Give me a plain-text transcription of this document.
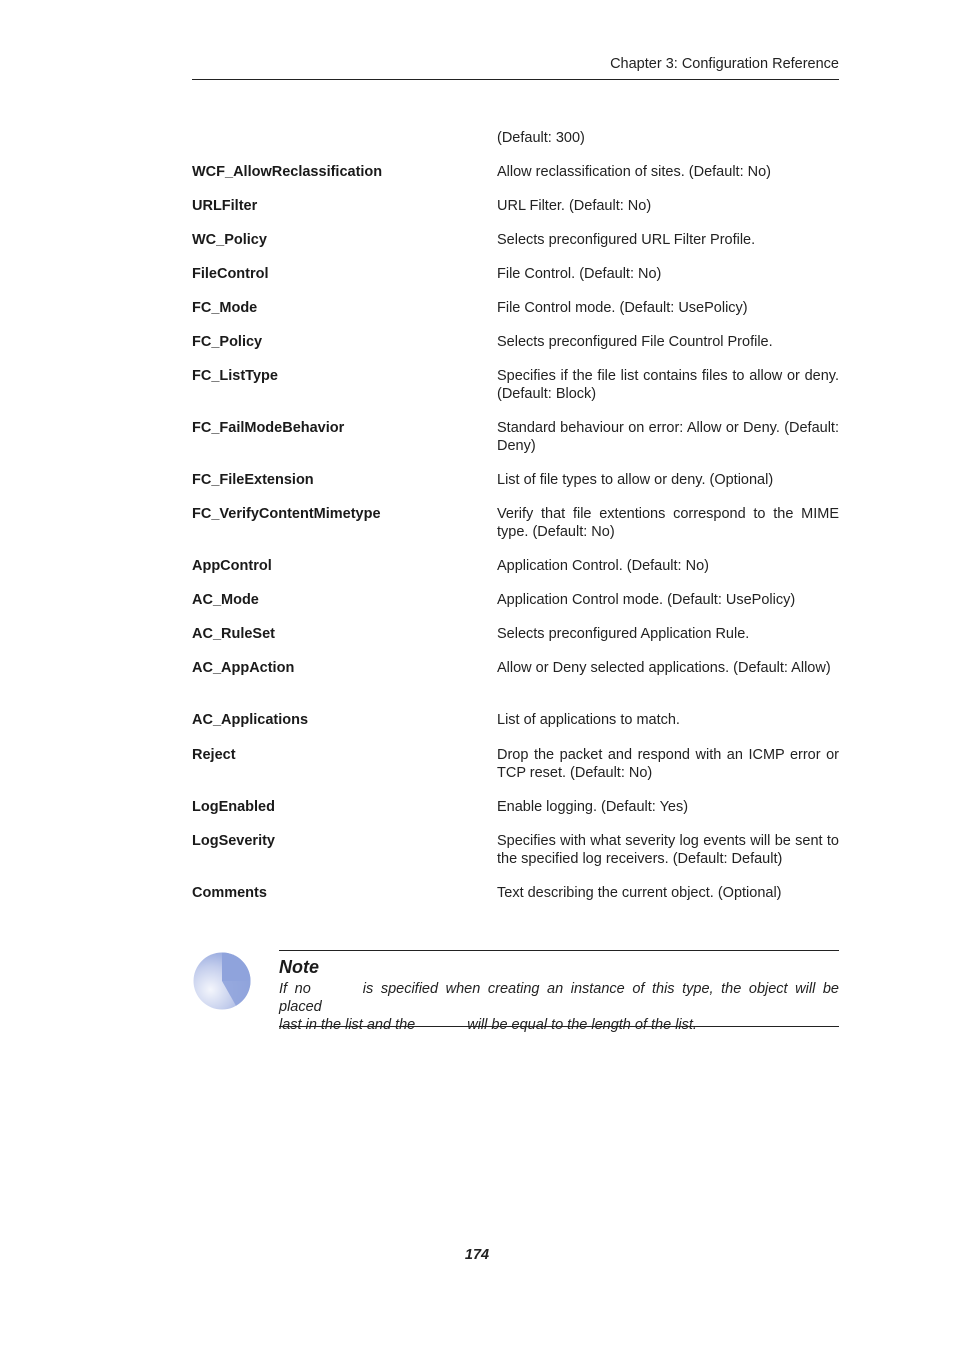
Chapter 3: Configuration Reference
(Default: 300)
WCF_AllowReclassification	Allow reclassification of sites. (Default: No)
URLFilter	URL Filter. (Default: No)
WC_Policy	Selects preconfigured URL Filter Profile.
FileControl	File Control. (Default: No)
FC_Mode	File Control mode. (Default: UsePolicy)
FC_Policy	Selects preconfigured File Countrol Profile.
FC_ListType	Specifies if the file list contains files to allow or deny. (Default: Block)
FC_FailModeBehavior	Standard behaviour on error: Allow or Deny. (Default: Deny)
FC_FileExtension	List of file types to allow or deny. (Optional)
FC_VerifyContentMimetype	Verify that file extentions correspond to the MIME type. (Default: No)
AppControl	Application Control. (Default: No)
AC_Mode	Application Control mode. (Default: UsePolicy)
AC_RuleSet	Selects preconfigured Application Rule.
AC_AppAction	Allow or Deny selected applications. (Default: Allow)
AC_Applications	List of applications to match.
Reject	Drop the packet and respond with an ICMP error or TCP reset. (Default: No)
LogEnabled	Enable logging. (Default: Yes)
LogSeverity	Specifies with what severity log events will be sent to the specified log receivers. (Default: Default)
Comments	Text describing the current object. (Optional)
Note
If no	is specified when creating an instance of this type, the object will be placed
last in the list and the	will be equal to the length of the list.
174
